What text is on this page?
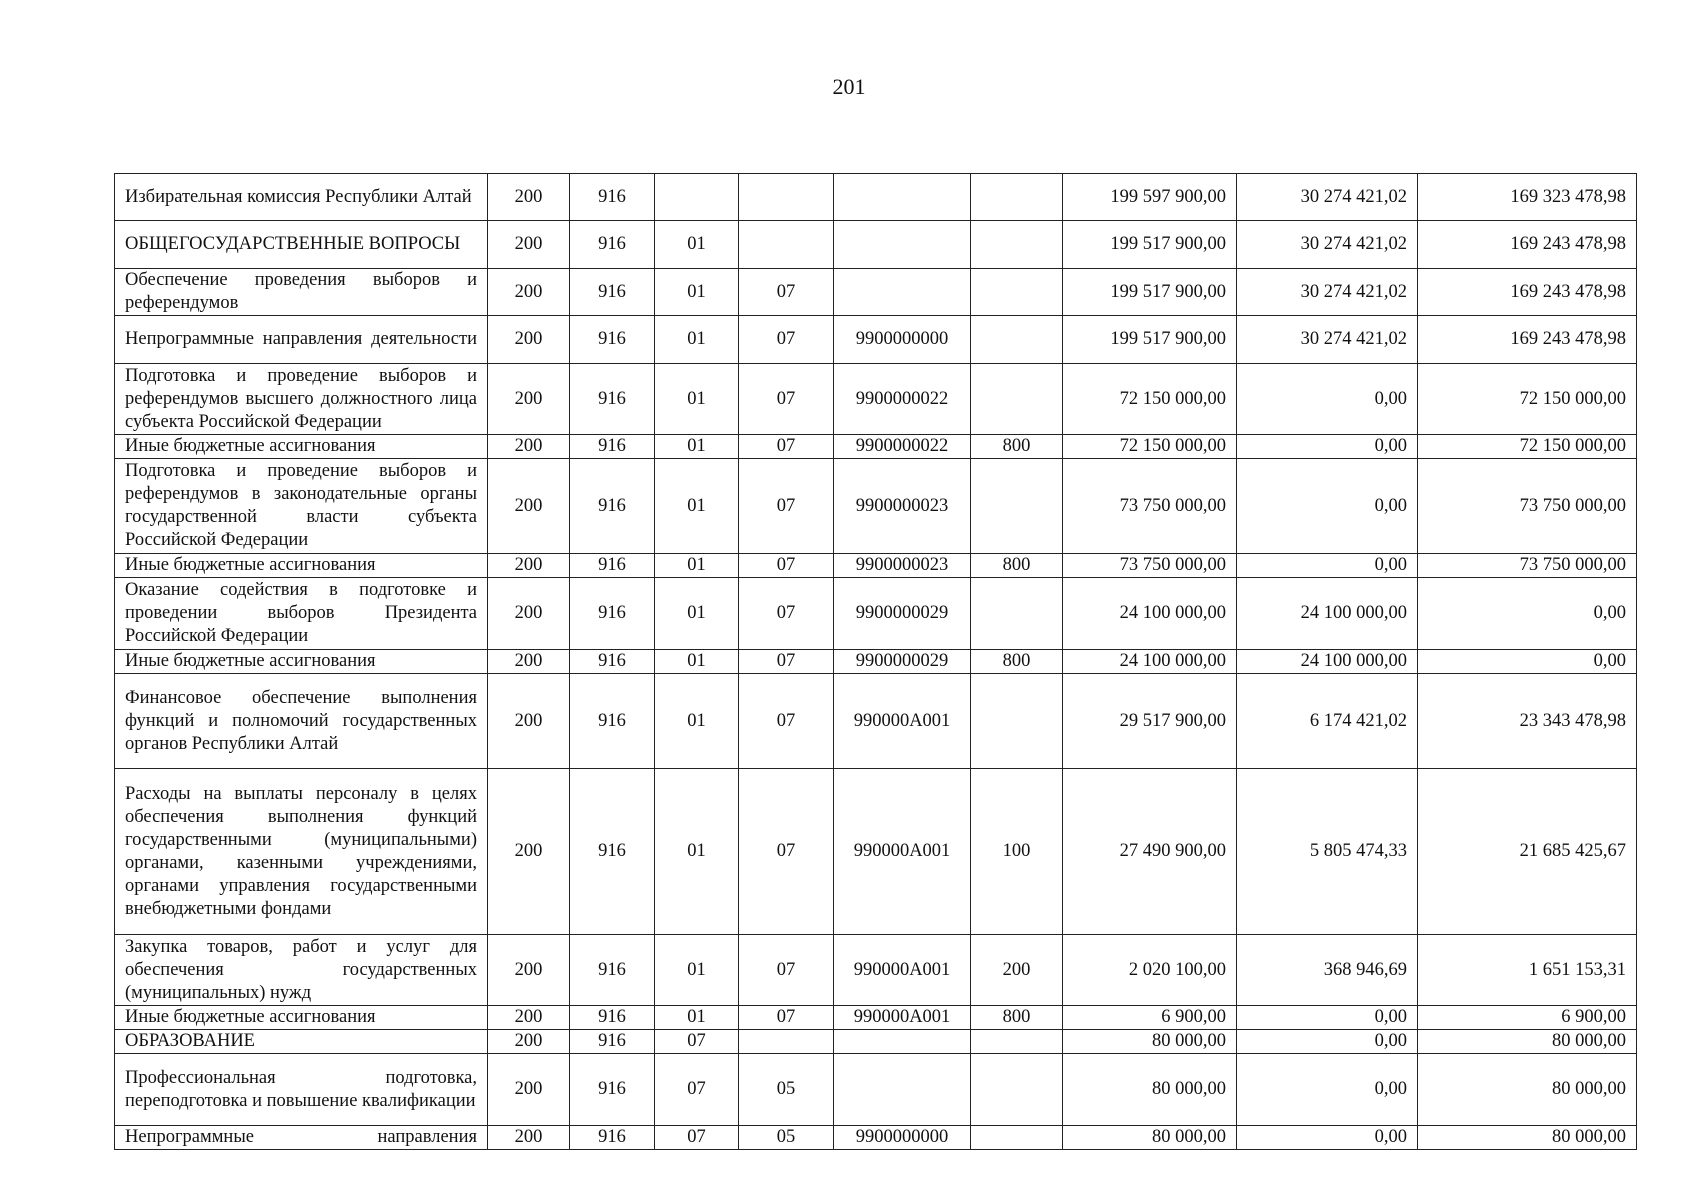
201
Избирательная комиссия Республики Алтай	200	916					199 597 900,00	30 274 421,02	169 323 478,98
ОБЩЕГОСУДАРСТВЕННЫЕ ВОПРОСЫ	200	916	01				199 517 900,00	30 274 421,02	169 243 478,98
Обеспечение проведения выборов и референдумов	200	916	01	07			199 517 900,00	30 274 421,02	169 243 478,98
Непрограммные направления деятельности	200	916	01	07	9900000000		199 517 900,00	30 274 421,02	169 243 478,98
Подготовка и проведение выборов и референдумов высшего должностного лица субъекта Российской Федерации	200	916	01	07	9900000022		72 150 000,00	0,00	72 150 000,00
Иные бюджетные ассигнования	200	916	01	07	9900000022	800	72 150 000,00	0,00	72 150 000,00
Подготовка и проведение выборов и референдумов в законодательные органы государственной власти субъекта Российской Федерации	200	916	01	07	9900000023		73 750 000,00	0,00	73 750 000,00
Иные бюджетные ассигнования	200	916	01	07	9900000023	800	73 750 000,00	0,00	73 750 000,00
Оказание содействия в подготовке и проведении выборов Президента Российской Федерации	200	916	01	07	9900000029		24 100 000,00	24 100 000,00	0,00
Иные бюджетные ассигнования	200	916	01	07	9900000029	800	24 100 000,00	24 100 000,00	0,00
Финансовое обеспечение выполнения функций и полномочий государственных органов Республики Алтай	200	916	01	07	990000А001		29 517 900,00	6 174 421,02	23 343 478,98
Расходы на выплаты персоналу в целях обеспечения выполнения функций государственными (муниципальными) органами, казенными учреждениями, органами управления государственными внебюджетными фондами	200	916	01	07	990000А001	100	27 490 900,00	5 805 474,33	21 685 425,67
Закупка товаров, работ и услуг для обеспечения государственных (муниципальных) нужд	200	916	01	07	990000А001	200	2 020 100,00	368 946,69	1 651 153,31
Иные бюджетные ассигнования	200	916	01	07	990000А001	800	6 900,00	0,00	6 900,00
ОБРАЗОВАНИЕ	200	916	07				80 000,00	0,00	80 000,00
Профессиональная подготовка, переподготовка и повышение квалификации	200	916	07	05			80 000,00	0,00	80 000,00
Непрограммные направления	200	916	07	05	9900000000		80 000,00	0,00	80 000,00
